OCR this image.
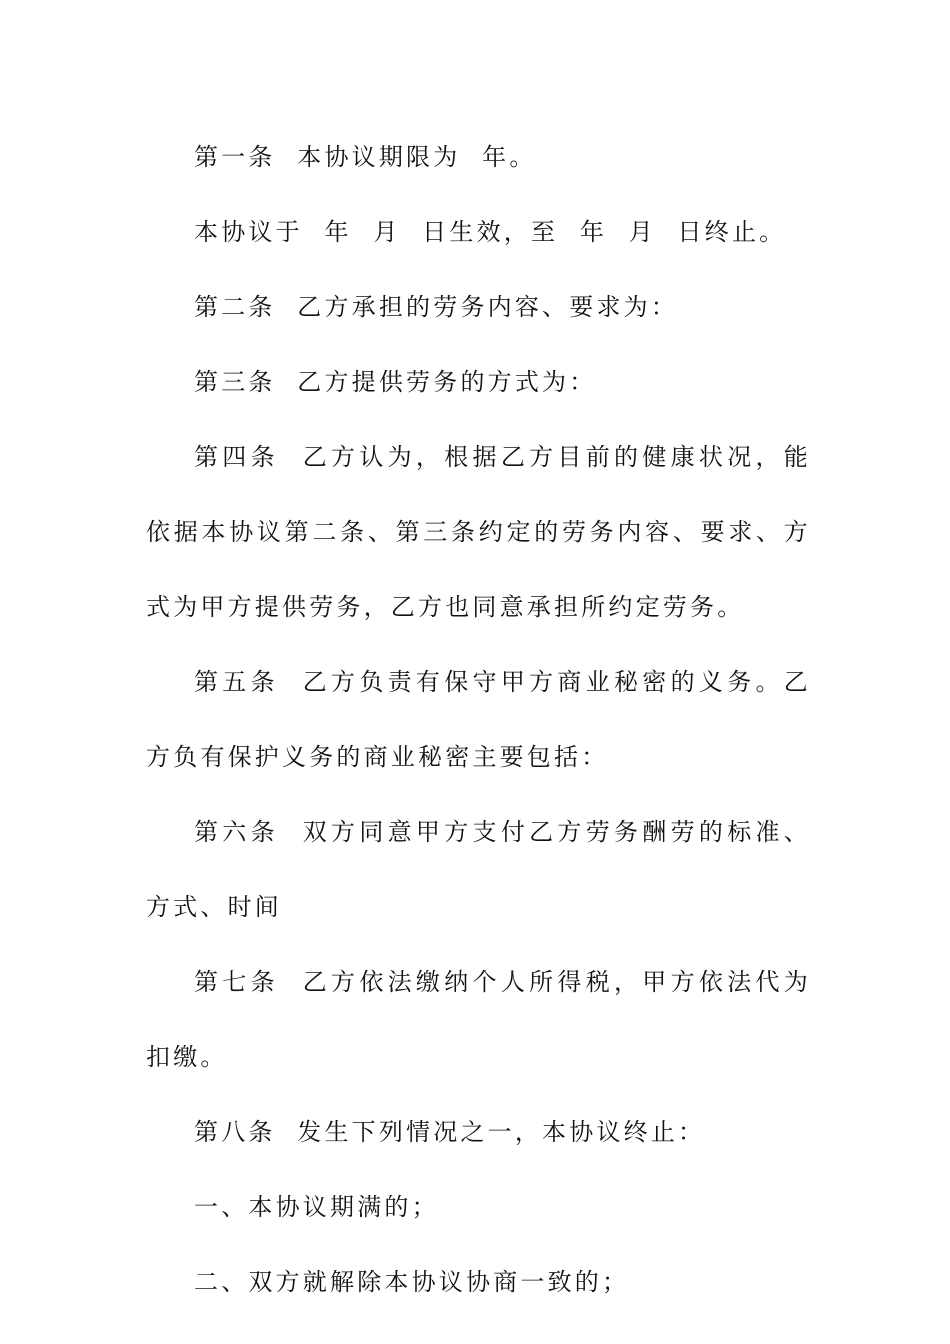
第一条  本协议期限为  年。

本协议于  年  月  日生效，至  年  月  日终止。

第二条  乙方承担的劳务内容、要求为：

第三条  乙方提供劳务的方式为：

第四条  乙方认为，根据乙方目前的健康状况，能依据本协议第二条、第三条约定的劳务内容、要求、方式为甲方提供劳务，乙方也同意承担所约定劳务。

第五条  乙方负责有保守甲方商业秘密的义务。乙方负有保护义务的商业秘密主要包括：

第六条  双方同意甲方支付乙方劳务酬劳的标准、方式、时间

第七条  乙方依法缴纳个人所得税，甲方依法代为扣缴。

第八条  发生下列情况之一，本协议终止：

一、本协议期满的；

二、双方就解除本协议协商一致的；
